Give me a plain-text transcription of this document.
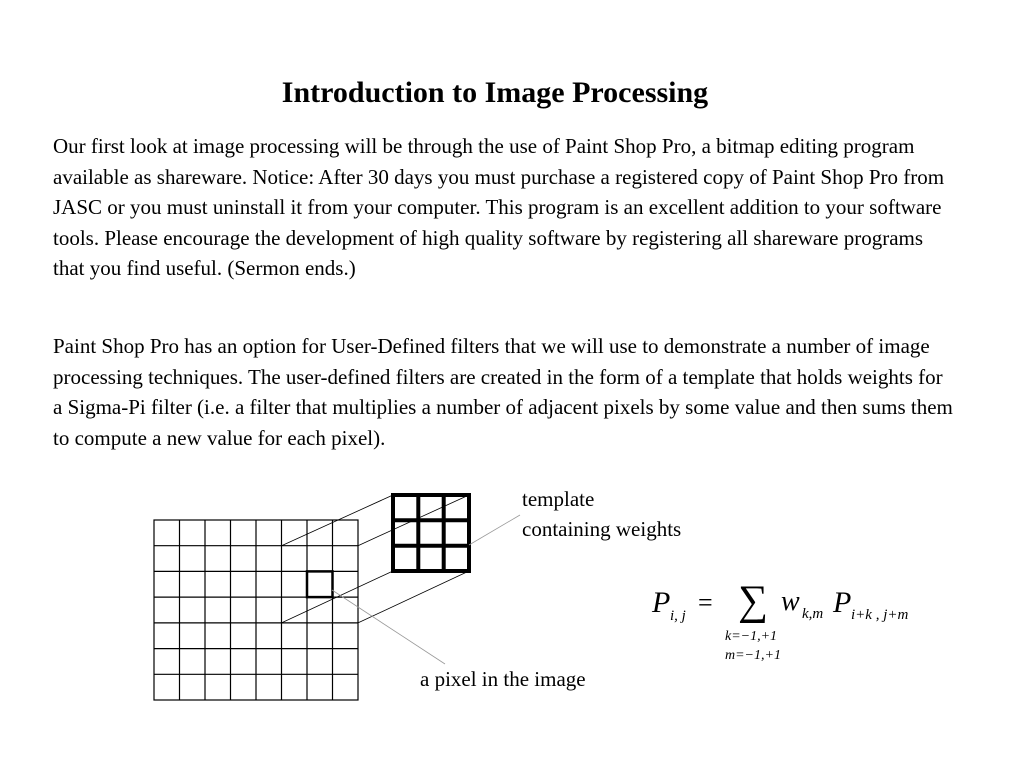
Introduction to Image Processing

Our first look at image processing will be through the use of Paint Shop Pro, a bitmap editing program available as shareware. Notice: After 30 days you must purchase a registered copy of Paint Shop Pro from JASC or you must uninstall it from your computer. This program is an excellent addition to your software tools. Please encourage the development of high quality software by registering all shareware programs that you find useful. (Sermon ends.)

Paint Shop Pro has an option for User-Defined filters that we will use to demonstrate a number of image processing techniques. The user-defined filters are created in the form of a template that holds weights for a Sigma-Pi filter (i.e. a filter that multiplies a number of adjacent pixels by some value and then sums them to compute a new value for each pixel).

P i, j = ∑ w k,m P i+k , j+m
k=−1,+1
m=−1,+1
template
containing weights
a pixel in the image
